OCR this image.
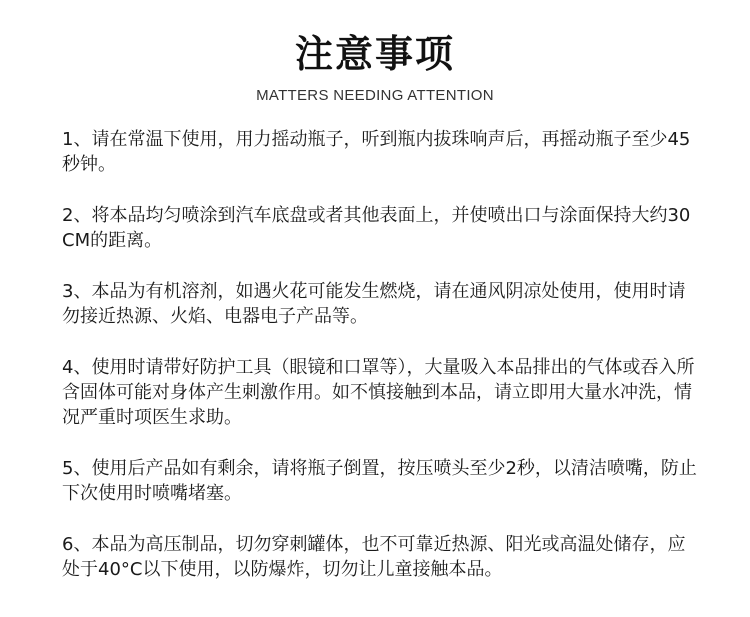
注意事项
MATTERS NEEDING ATTENTION
1、请在常温下使用，用力摇动瓶子，听到瓶内拔珠响声后，再摇动瓶子至少45秒钟。
2、将本品均匀喷涂到汽车底盘或者其他表面上，并使喷出口与涂面保持大约30CM的距离。
3、本品为有机溶剂，如遇火花可能发生燃烧，请在通风阴凉处使用，使用时请勿接近热源、火焰、电器电子产品等。
4、使用时请带好防护工具（眼镜和口罩等），大量吸入本品排出的气体或吞入所含固体可能对身体产生刺激作用。如不慎接触到本品，请立即用大量水冲洗，情况严重时项医生求助。
5、使用后产品如有剩余，请将瓶子倒置，按压喷头至少2秒，以清洁喷嘴，防止下次使用时喷嘴堵塞。
6、本品为高压制品，切勿穿刺罐体，也不可靠近热源、阳光或高温处储存，应处于40°C以下使用，以防爆炸，切勿让儿童接触本品。
